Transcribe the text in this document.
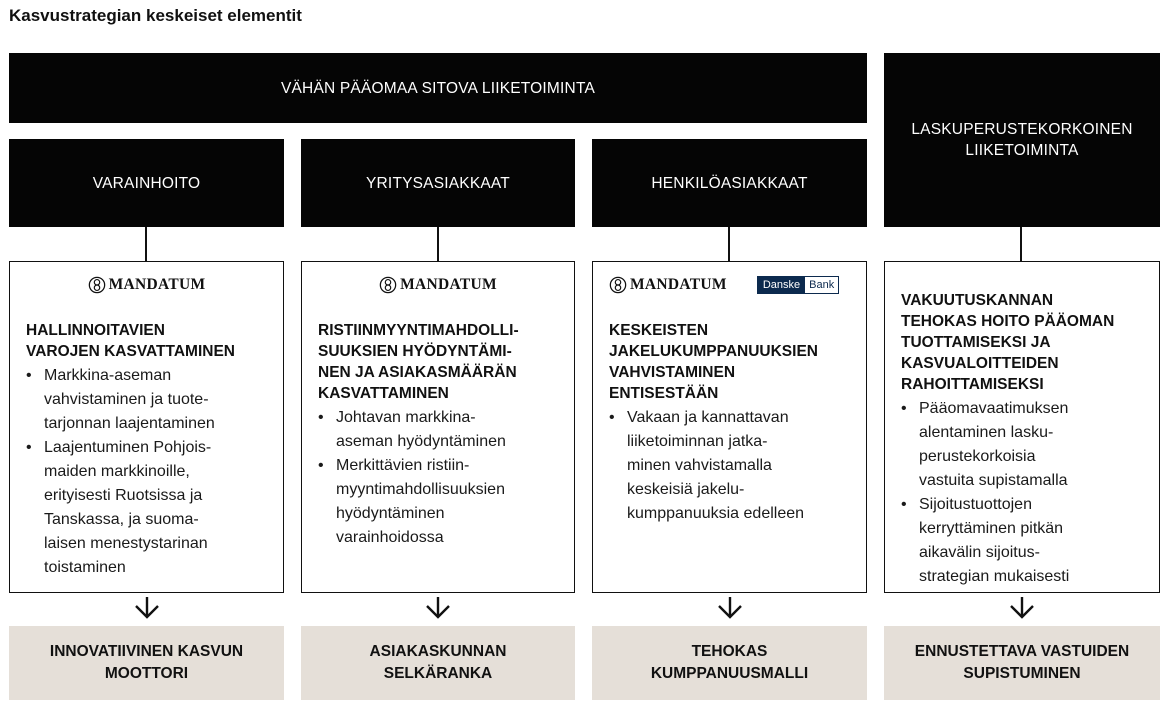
Kasvustrategian keskeiset elementit
VÄHÄN PÄÄOMAA SITOVA LIIKETOIMINTA
LASKUPERUSTEKORKOINEN
LIIKETOIMINTA
VARAINHOITO	YRITYSASIAKKAAT	HENKILÖASIAKKAAT
MANDATUM
HALLINNOITAVIEN
VAROJEN KASVATTAMINEN
• Markkina-aseman
vahvistaminen ja tuote-
tarjonnan laajentaminen
• Laajentuminen Pohjois-
maiden markkinoille,
erityisesti Ruotsissa ja
Tanskassa, ja suoma-
laisen menestystarinan
toistaminen
MANDATUM
RISTIINMYYNTIMAHDOLLI-
SUUKSIEN HYÖDYNTÄMI-
NEN JA ASIAKASMÄÄRÄN
KASVATTAMINEN
• Johtavan markkina-
aseman hyödyntäminen
• Merkittävien ristiin-
myyntimahdollisuuksien
hyödyntäminen
varainhoidossa
MANDATUM	Danske Bank
KESKEISTEN
JAKELUKUMPPANUUKSIEN
VAHVISTAMINEN
ENTISESTÄÄN
• Vakaan ja kannattavan
liiketoiminnan jatka-
minen vahvistamalla
keskeisiä jakelu-
kumppanuuksia edelleen
VAKUUTUSKANNAN
TEHOKAS HOITO PÄÄOMAN
TUOTTAMISEKSI JA
KASVUALOITTEIDEN
RAHOITTAMISEKSI
• Pääomavaatimuksen
alentaminen lasku-
perustekorkoisia
vastuita supistamalla
• Sijoitustuottojen
kerryttäminen pitkän
aikavälin sijoitus-
strategian mukaisesti
INNOVATIIVINEN KASVUN
MOOTTORI
ASIAKASKUNNAN
SELKÄRANKA
TEHOKAS
KUMPPANUUSMALLI
ENNUSTETTAVA VASTUIDEN
SUPISTUMINEN
